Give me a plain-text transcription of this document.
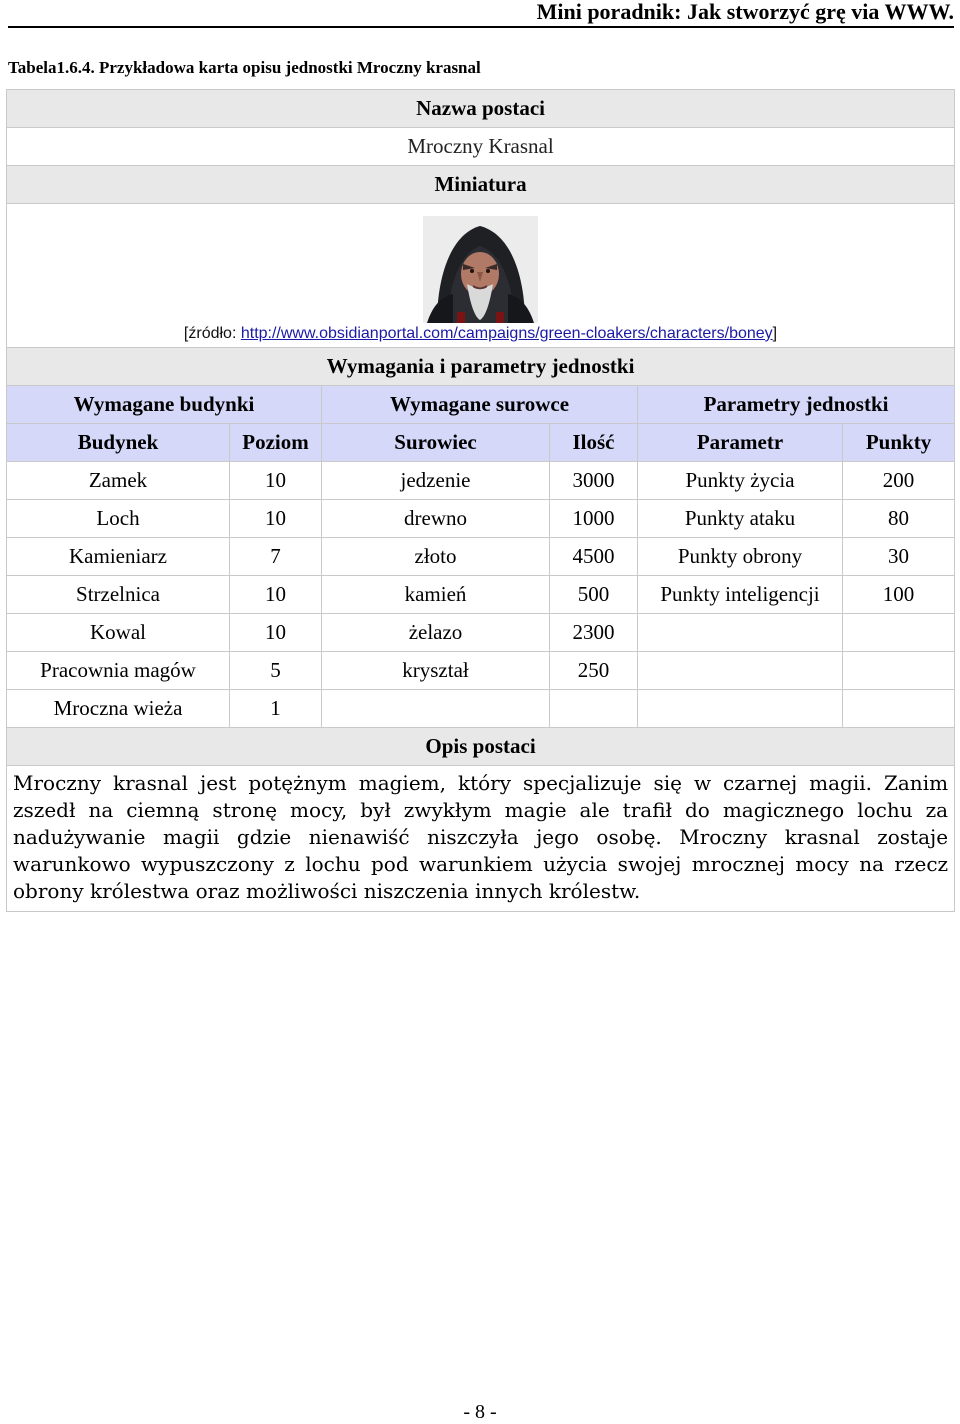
Mini poradnik: Jak stworzyć grę via WWW.
Tabela1.6.4. Przykładowa karta opisu jednostki Mroczny krasnal
Nazwa postaci					
Mroczny Krasnal					
Miniatura					

[źródło: http://www.obsidianportal.com/campaigns/green-cloakers/characters/boney]					

Wymagania i parametry jednostki					
Wymagane budynki		Wymagane surowce		Parametry jednostki	
Budynek	Poziom	Surowiec	Ilość	Parametr	Punkty
Zamek	10	jedzenie	3000	Punkty życia	200
Loch	10	drewno	1000	Punkty ataku	80
Kamieniarz	7	złoto	4500	Punkty obrony	30
Strzelnica	10	kamień	500	Punkty inteligencji	100
Kowal	10	żelazo	2300		
Pracownia magów	5	kryształ	250		
Mroczna wieża	1				
Opis postaci					
Mroczny krasnal jest potężnym magiem, który specjalizuje się w czarnej magii. Zanim zszedł na ciemną stronę mocy, był zwykłym magie ale trafił do magicznego lochu za nadużywanie magii gdzie nienawiść niszczyła jego osobę. Mroczny krasnal zostaje warunkowo wypuszczony z lochu pod warunkiem użycia swojej mrocznej mocy na rzecz obrony królestwa oraz możliwości niszczenia innych królestw.					
- 8 -
